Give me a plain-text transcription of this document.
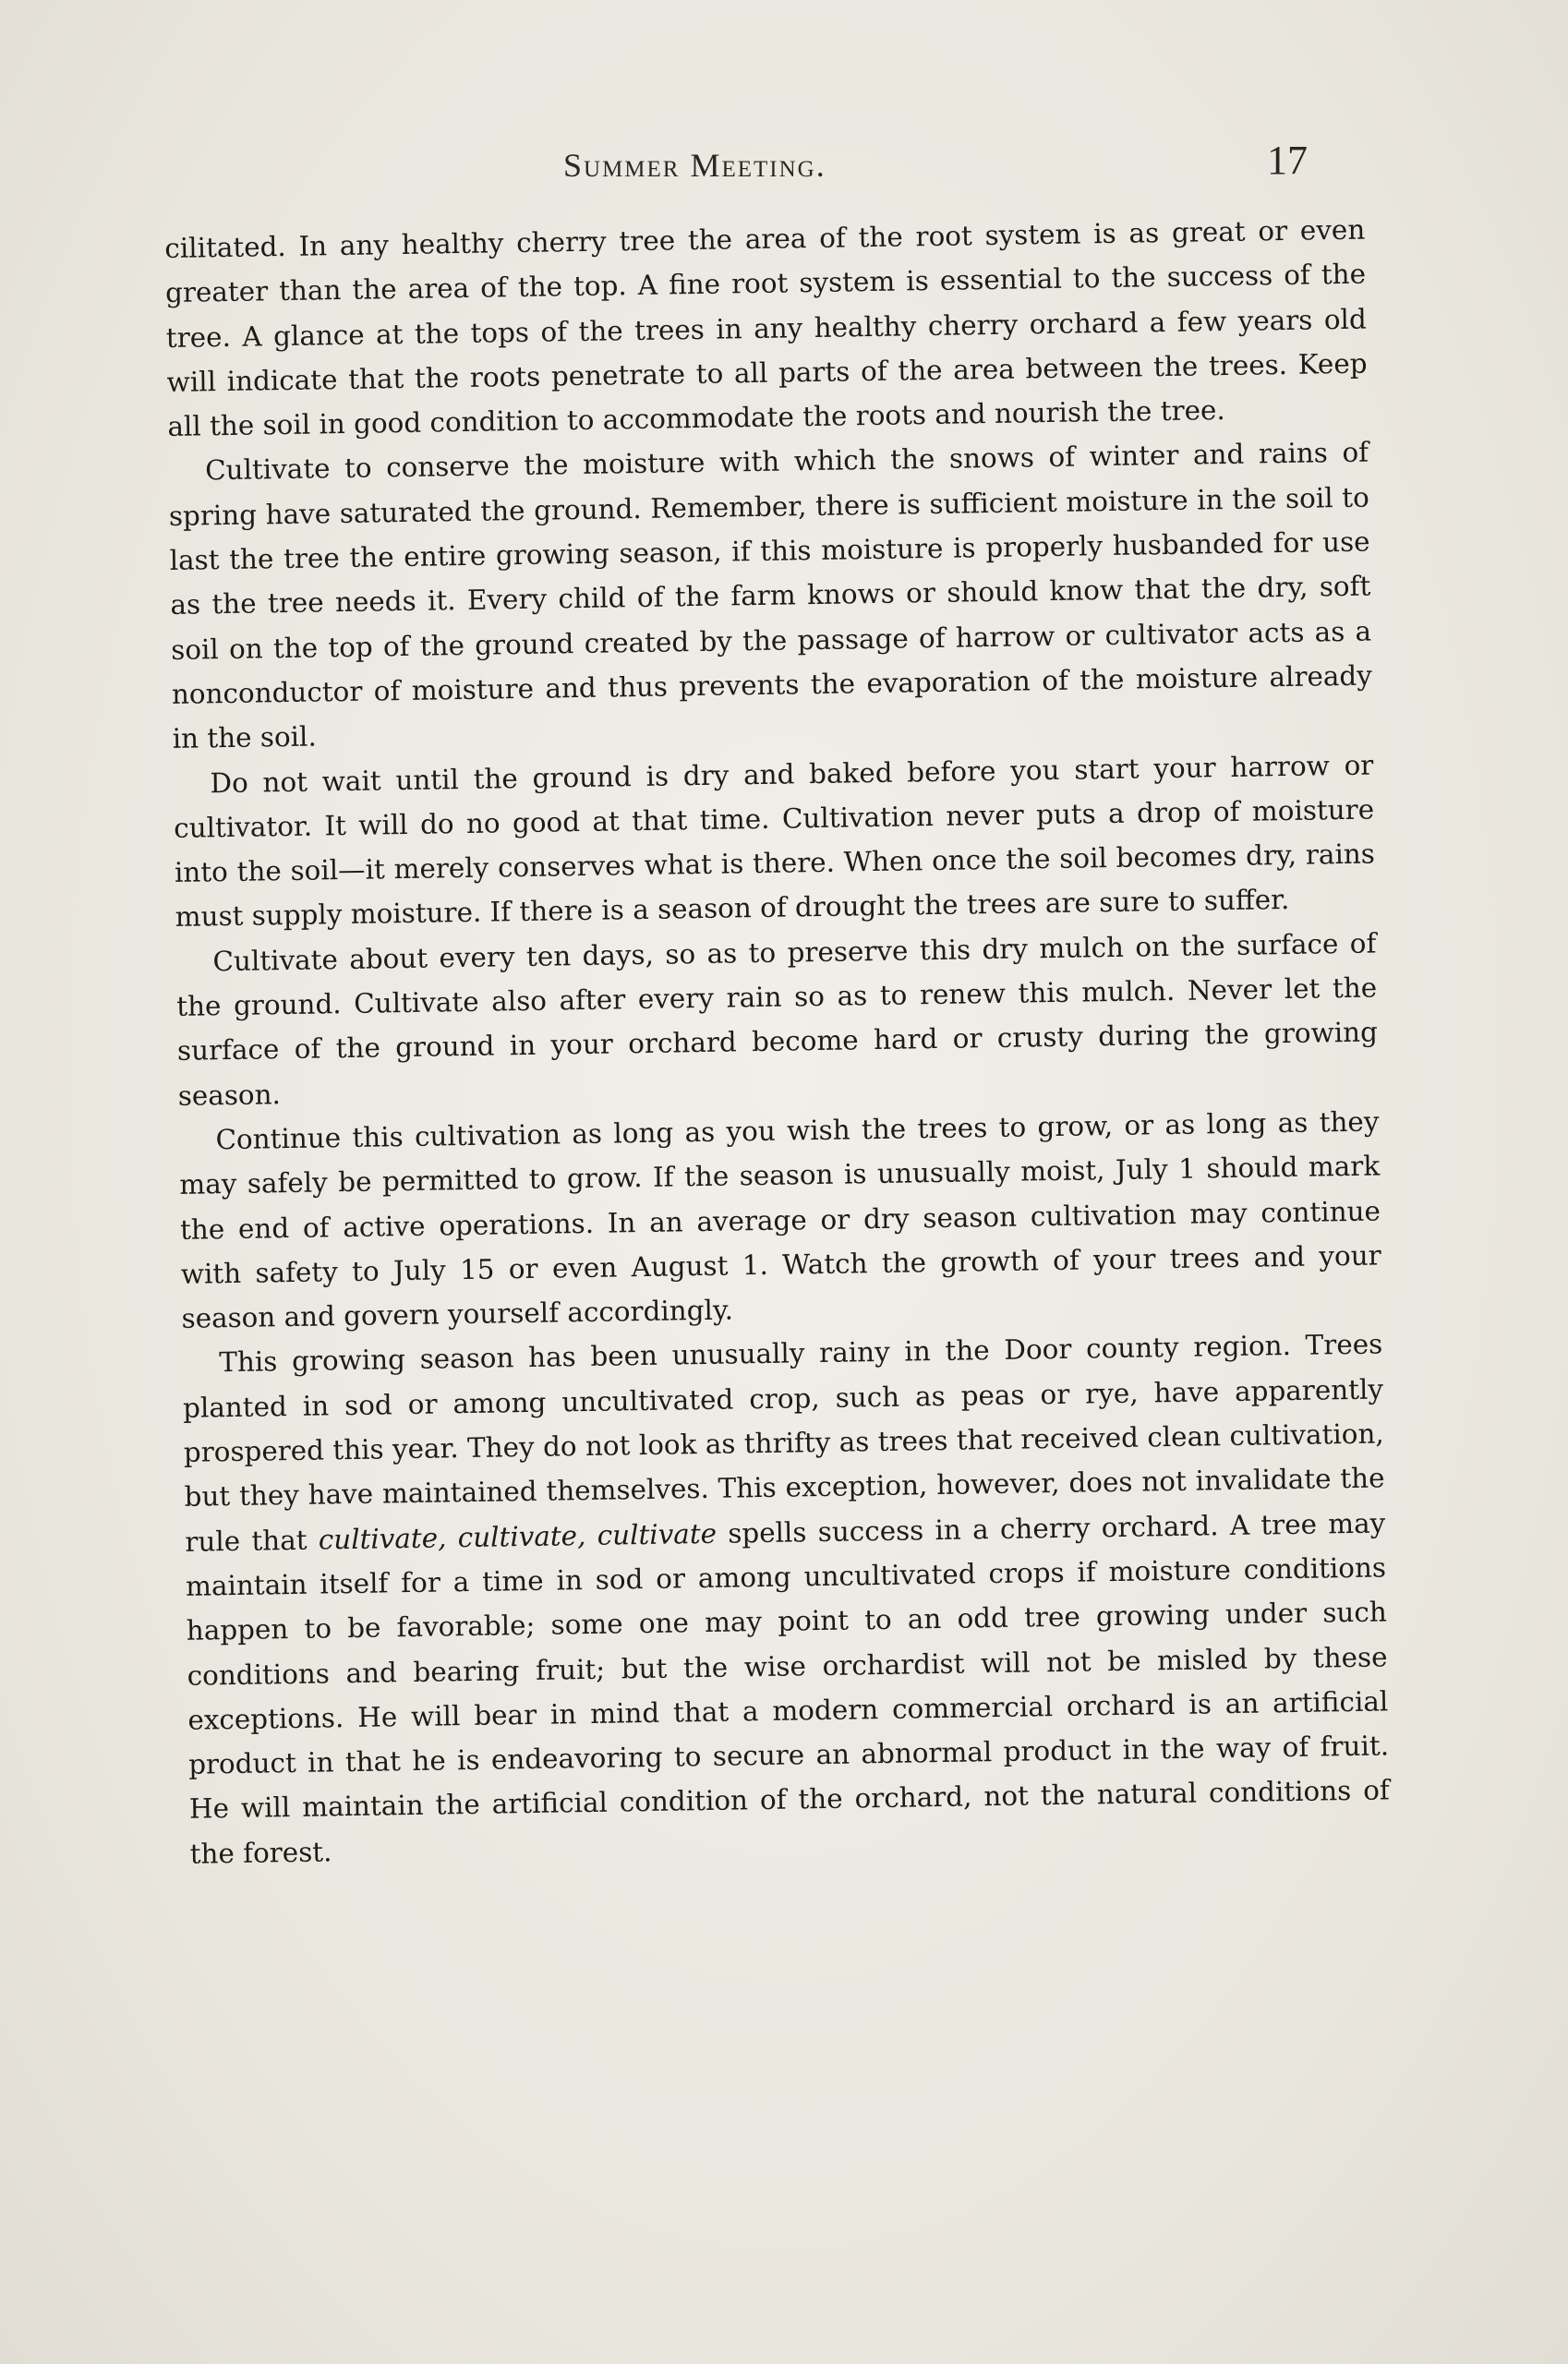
Summer Meeting.	17

cilitated. In any healthy cherry tree the area of the root system is as great or even greater than the area of the top. A fine root system is essential to the success of the tree. A glance at the tops of the trees in any healthy cherry orchard a few years old will indicate that the roots penetrate to all parts of the area between the trees. Keep all the soil in good condition to accommodate the roots and nourish the tree.

Cultivate to conserve the moisture with which the snows of winter and rains of spring have saturated the ground. Remember, there is sufficient moisture in the soil to last the tree the entire growing season, if this moisture is properly husbanded for use as the tree needs it. Every child of the farm knows or should know that the dry, soft soil on the top of the ground created by the passage of harrow or cultivator acts as a nonconductor of moisture and thus prevents the evaporation of the moisture already in the soil.

Do not wait until the ground is dry and baked before you start your harrow or cultivator. It will do no good at that time. Cultivation never puts a drop of moisture into the soil—it merely conserves what is there. When once the soil becomes dry, rains must supply moisture. If there is a season of drought the trees are sure to suffer.

Cultivate about every ten days, so as to preserve this dry mulch on the surface of the ground. Cultivate also after every rain so as to renew this mulch. Never let the surface of the ground in your orchard become hard or crusty during the growing season.

Continue this cultivation as long as you wish the trees to grow, or as long as they may safely be permitted to grow. If the season is unusually moist, July 1 should mark the end of active operations. In an average or dry season cultivation may continue with safety to July 15 or even August 1. Watch the growth of your trees and your season and govern yourself accordingly.

This growing season has been unusually rainy in the Door county region. Trees planted in sod or among uncultivated crop, such as peas or rye, have apparently prospered this year. They do not look as thrifty as trees that received clean cultivation, but they have maintained themselves. This exception, however, does not invalidate the rule that cultivate, cultivate, cultivate spells success in a cherry orchard. A tree may maintain itself for a time in sod or among uncultivated crops if moisture conditions happen to be favorable; some one may point to an odd tree growing under such conditions and bearing fruit; but the wise orchardist will not be misled by these exceptions. He will bear in mind that a modern commercial orchard is an artificial product in that he is endeavoring to secure an abnormal product in the way of fruit. He will maintain the artificial condition of the orchard, not the natural conditions of the forest.
